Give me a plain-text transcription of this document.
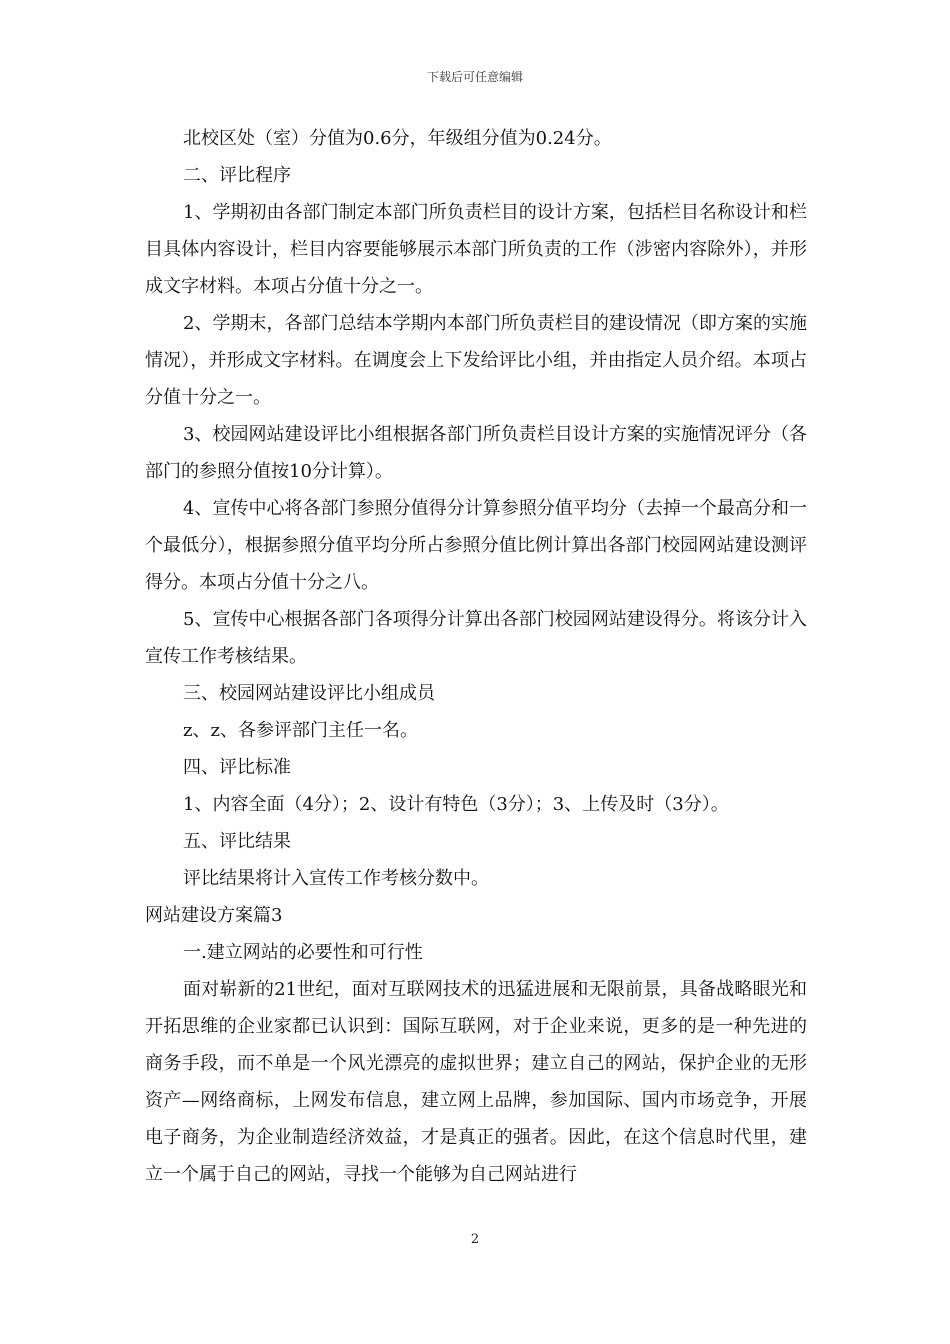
下载后可任意编辑

北校区处（室）分值为0.6分，年级组分值为0.24分。

二、评比程序

1、学期初由各部门制定本部门所负责栏目的设计方案，包括栏目名称设计和栏目具体内容设计，栏目内容要能够展示本部门所负责的工作（涉密内容除外），并形成文字材料。本项占分值十分之一。

2、学期末，各部门总结本学期内本部门所负责栏目的建设情况（即方案的实施情况），并形成文字材料。在调度会上下发给评比小组，并由指定人员介绍。本项占分值十分之一。

3、校园网站建设评比小组根据各部门所负责栏目设计方案的实施情况评分（各部门的参照分值按10分计算）。

4、宣传中心将各部门参照分值得分计算参照分值平均分（去掉一个最高分和一个最低分），根据参照分值平均分所占参照分值比例计算出各部门校园网站建设测评得分。本项占分值十分之八。

5、宣传中心根据各部门各项得分计算出各部门校园网站建设得分。将该分计入宣传工作考核结果。

三、校园网站建设评比小组成员

z、z、各参评部门主任一名。

四、评比标准

1、内容全面（4分）；2、设计有特色（3分）；3、上传及时（3分）。

五、评比结果

评比结果将计入宣传工作考核分数中。

网站建设方案篇3

一.建立网站的必要性和可行性

面对崭新的21世纪，面对互联网技术的迅猛进展和无限前景，具备战略眼光和开拓思维的企业家都已认识到：国际互联网，对于企业来说，更多的是一种先进的商务手段，而不单是一个风光漂亮的虚拟世界；建立自己的网站，保护企业的无形资产—网络商标，上网发布信息，建立网上品牌，参加国际、国内市场竞争，开展电子商务，为企业制造经济效益，才是真正的强者。因此，在这个信息时代里，建立一个属于自己的网站，寻找一个能够为自己网站进行

2
